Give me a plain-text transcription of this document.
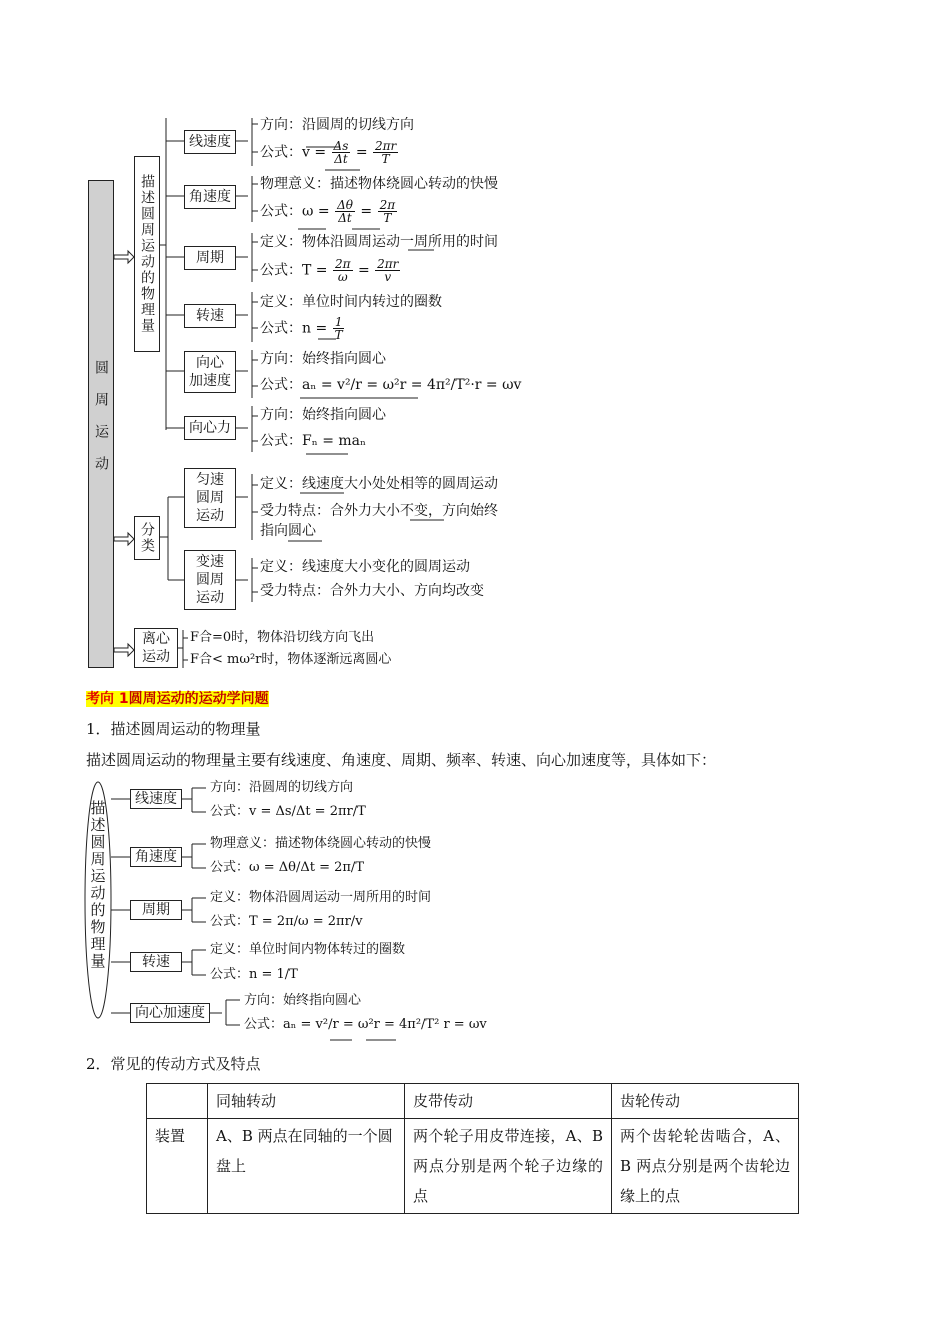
圆周运动
描述圆周运动的物理量
分类
离心运动
线速度
角速度
周期
转速
向心
加速度
向心力
匀速
圆周
运动
变速
圆周
运动
方向：沿圆周的切线方向
公式：$v = \frac{\Delta s}{\Delta t} = \frac{2\pi r}{T}$
物理意义：描述物体绕圆心转动的快慢
公式：$\omega = \frac{\Delta\theta}{\Delta t} = \frac{2\pi}{T}$
定义：物体沿圆周运动一周所用的时间
公式：$T = \frac{2\pi}{\omega} = \frac{2\pi r}{v}$
定义：单位时间内转过的圈数
公式：$n = \frac{1}{T}$
方向：始终指向圆心
公式：aₙ = v²/r = ω²r = 4π²/T²·r = ωv
方向：始终指向圆心
公式：Fₙ = maₙ
定义：线速度大小处处相等的圆周运动
受力特点：合外力大小不变，方向始终
指向圆心
定义：线速度大小变化的圆周运动
受力特点：合外力大小、方向均改变
F合=0时，物体沿切线方向飞出
F合< mω²r时，物体逐渐远离圆心
考向 1圆周运动的运动学问题
1．描述圆周运动的物理量
描述圆周运动的物理量主要有线速度、角速度、周期、频率、转速、向心加速度等，具体如下：
描述圆周运动的物理量
线速度
角速度
周期
转速
向心加速度
方向：沿圆周的切线方向
公式：v = Δs/Δt = 2πr/T
物理意义：描述物体绕圆心转动的快慢
公式：ω = Δθ/Δt = 2π/T
定义：物体沿圆周运动一周所用的时间
公式：T = 2π/ω = 2πr/v
定义：单位时间内物体转过的圈数
公式：n = 1/T
方向：始终指向圆心
公式：aₙ = v²/r = ω²r = 4π²/T² r = ωv
2．常见的传动方式及特点
	同轴转动	皮带传动	齿轮传动
装置	A、B 两点在同轴的一个圆盘上	两个轮子用皮带连接，A、B 两点分别是两个轮子边缘的点	两个齿轮轮齿啮合，A、B 两点分别是两个齿轮边缘上的点
